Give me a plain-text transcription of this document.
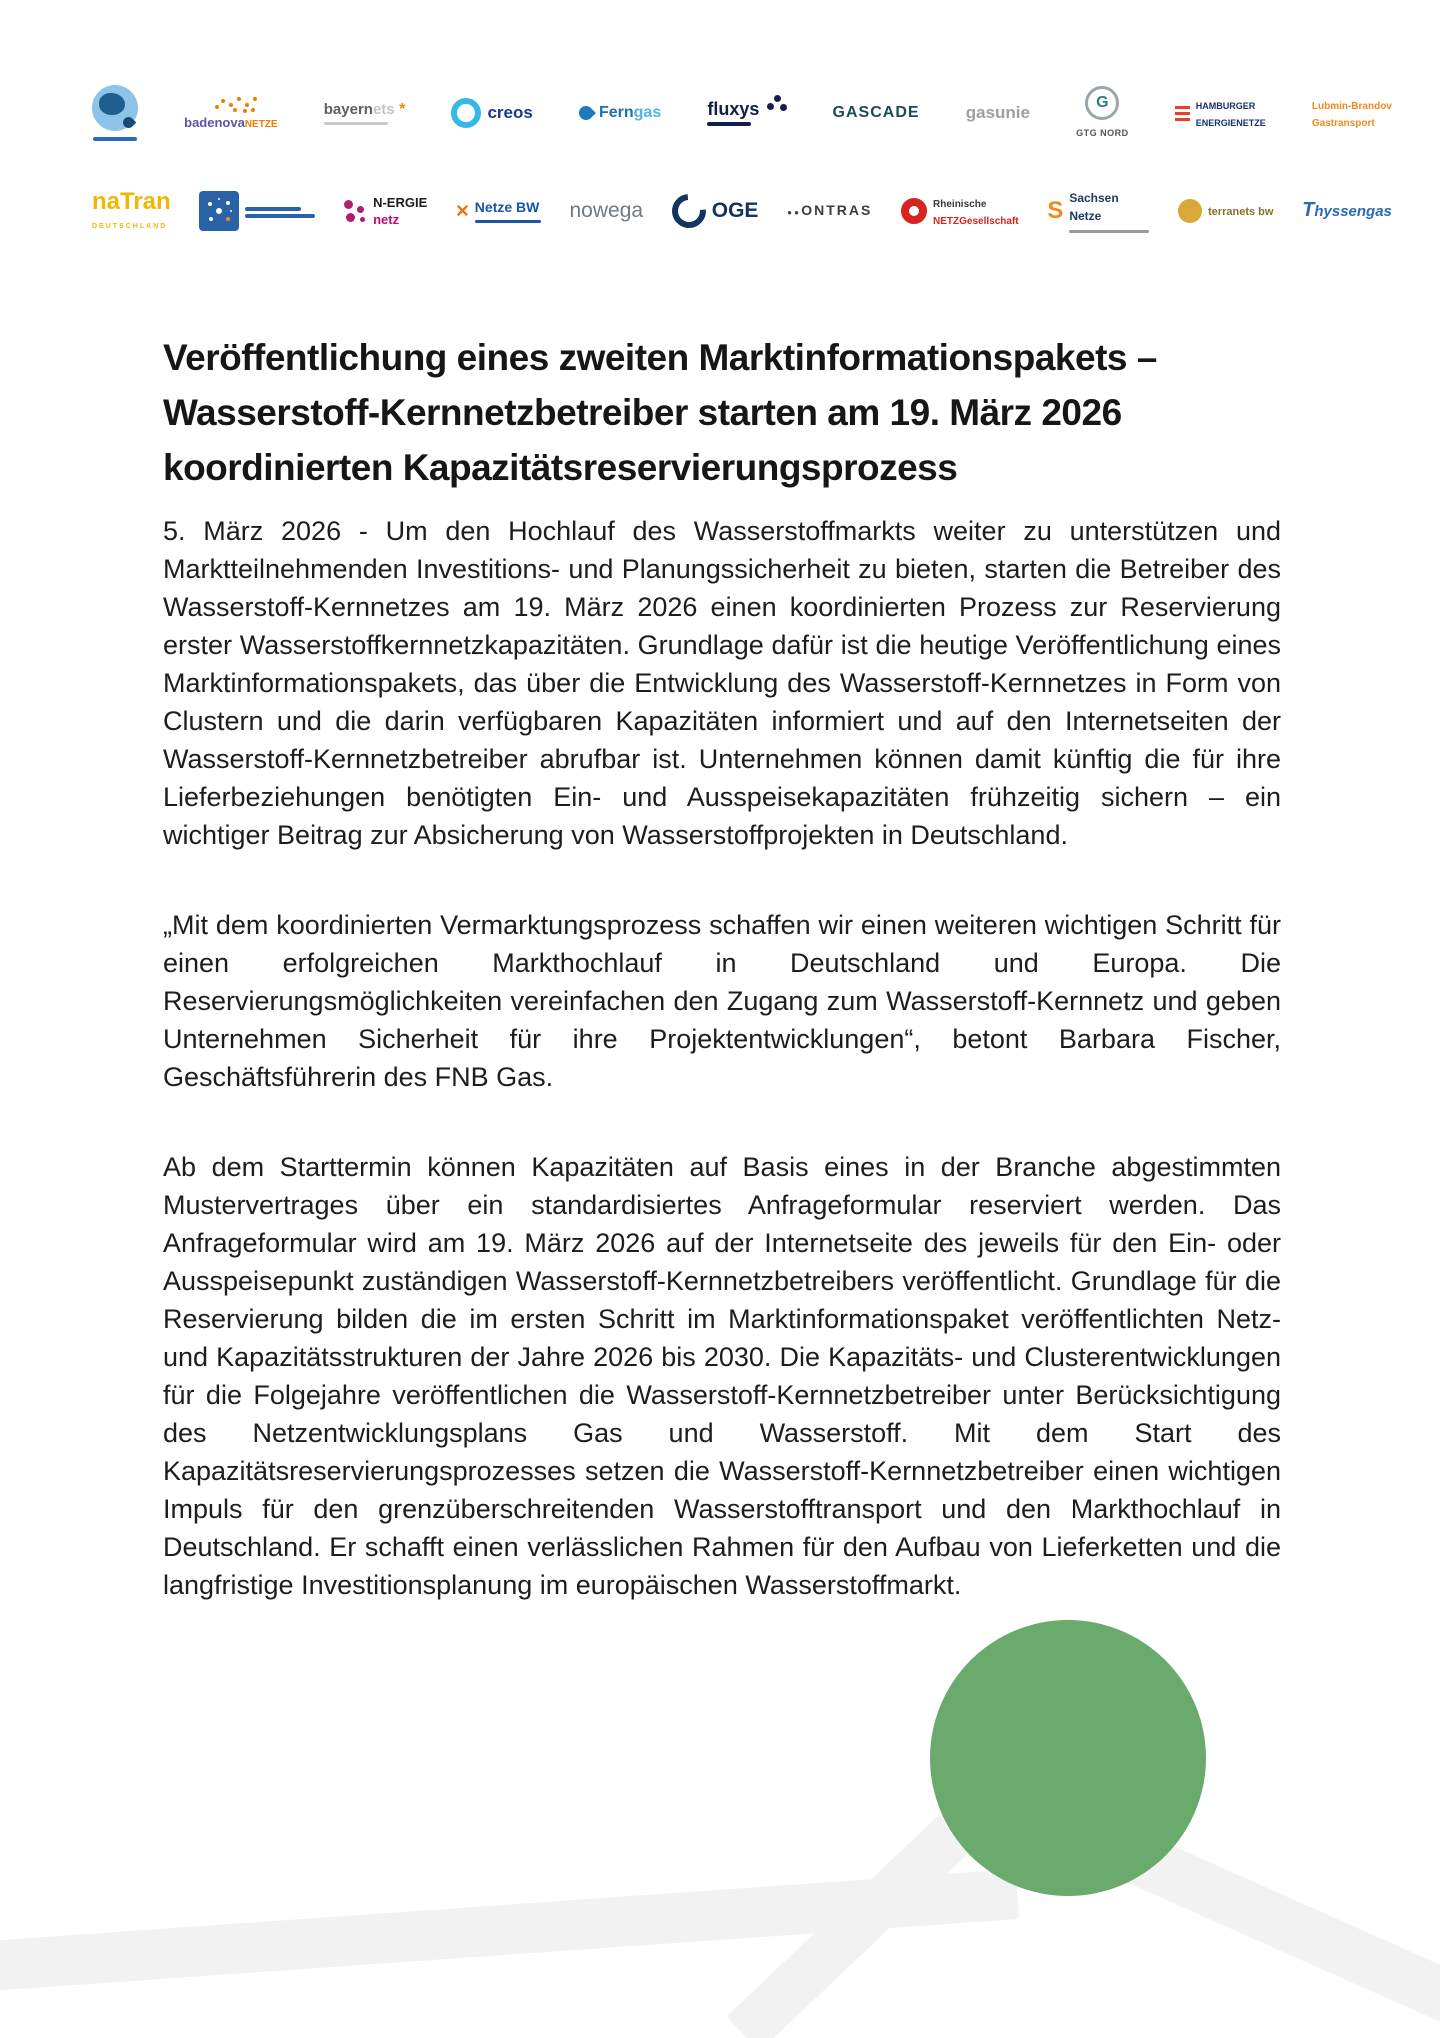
badenovaNETZE
bayernets *	creos	Ferngas	fluxys	GASCADE	gasunie
G
GTG NORD
HAMBURGER
ENERGIENETZE
Lubmin-Brandov
Gastransport
naTran
DEUTSCHLAND
N-ERGIE
netz	× Netze BW nowega	OGE	● ● ONTRAS	Rheinische
NETZGesellschaft S Sachsen
Netze	terranets bw Thyssengas
Veröffentlichung eines zweiten Marktinformationspakets – Wasserstoff-Kernnetzbetreiber starten am 19. März 2026 koordinierten Kapazitätsreservierungsprozess

5. März 2026 - Um den Hochlauf des Wasserstoffmarkts weiter zu unterstützen und Marktteilnehmenden Investitions- und Planungssicherheit zu bieten, starten die Betreiber des Wasserstoff-Kernnetzes am 19. März 2026 einen koordinierten Prozess zur Reservierung erster Wasserstoffkernnetzkapazitäten. Grundlage dafür ist die heutige Veröffentlichung eines Marktinformationspakets, das über die Entwicklung des Wasserstoff-Kernnetzes in Form von Clustern und die darin verfügbaren Kapazitäten informiert und auf den Internetseiten der Wasserstoff-Kernnetzbetreiber abrufbar ist. Unternehmen können damit künftig die für ihre Lieferbeziehungen benötigten Ein- und Ausspeisekapazitäten frühzeitig sichern – ein wichtiger Beitrag zur Absicherung von Wasserstoffprojekten in Deutschland.

„Mit dem koordinierten Vermarktungsprozess schaffen wir einen weiteren wichtigen Schritt für einen erfolgreichen Markthochlauf in Deutschland und Europa. Die Reservierungsmöglichkeiten vereinfachen den Zugang zum Wasserstoff-Kernnetz und geben Unternehmen Sicherheit für ihre Projektentwicklungen“, betont Barbara Fischer, Geschäftsführerin des FNB Gas.

Ab dem Starttermin können Kapazitäten auf Basis eines in der Branche abgestimmten Mustervertrages über ein standardisiertes Anfrageformular reserviert werden. Das Anfrageformular wird am 19. März 2026 auf der Internetseite des jeweils für den Ein- oder Ausspeisepunkt zuständigen Wasserstoff-Kernnetzbetreibers veröffentlicht. Grundlage für die Reservierung bilden die im ersten Schritt im Marktinformationspaket veröffentlichten Netz- und Kapazitätsstrukturen der Jahre 2026 bis 2030. Die Kapazitäts- und Clusterentwicklungen für die Folgejahre veröffentlichen die Wasserstoff-Kernnetzbetreiber unter Berücksichtigung des Netzentwicklungsplans Gas und Wasserstoff. Mit dem Start des Kapazitätsreservierungsprozesses setzen die Wasserstoff-Kernnetzbetreiber einen wichtigen Impuls für den grenzüberschreitenden Wasserstofftransport und den Markthochlauf in Deutschland. Er schafft einen verlässlichen Rahmen für den Aufbau von Lieferketten und die langfristige Investitionsplanung im europäischen Wasserstoffmarkt.
